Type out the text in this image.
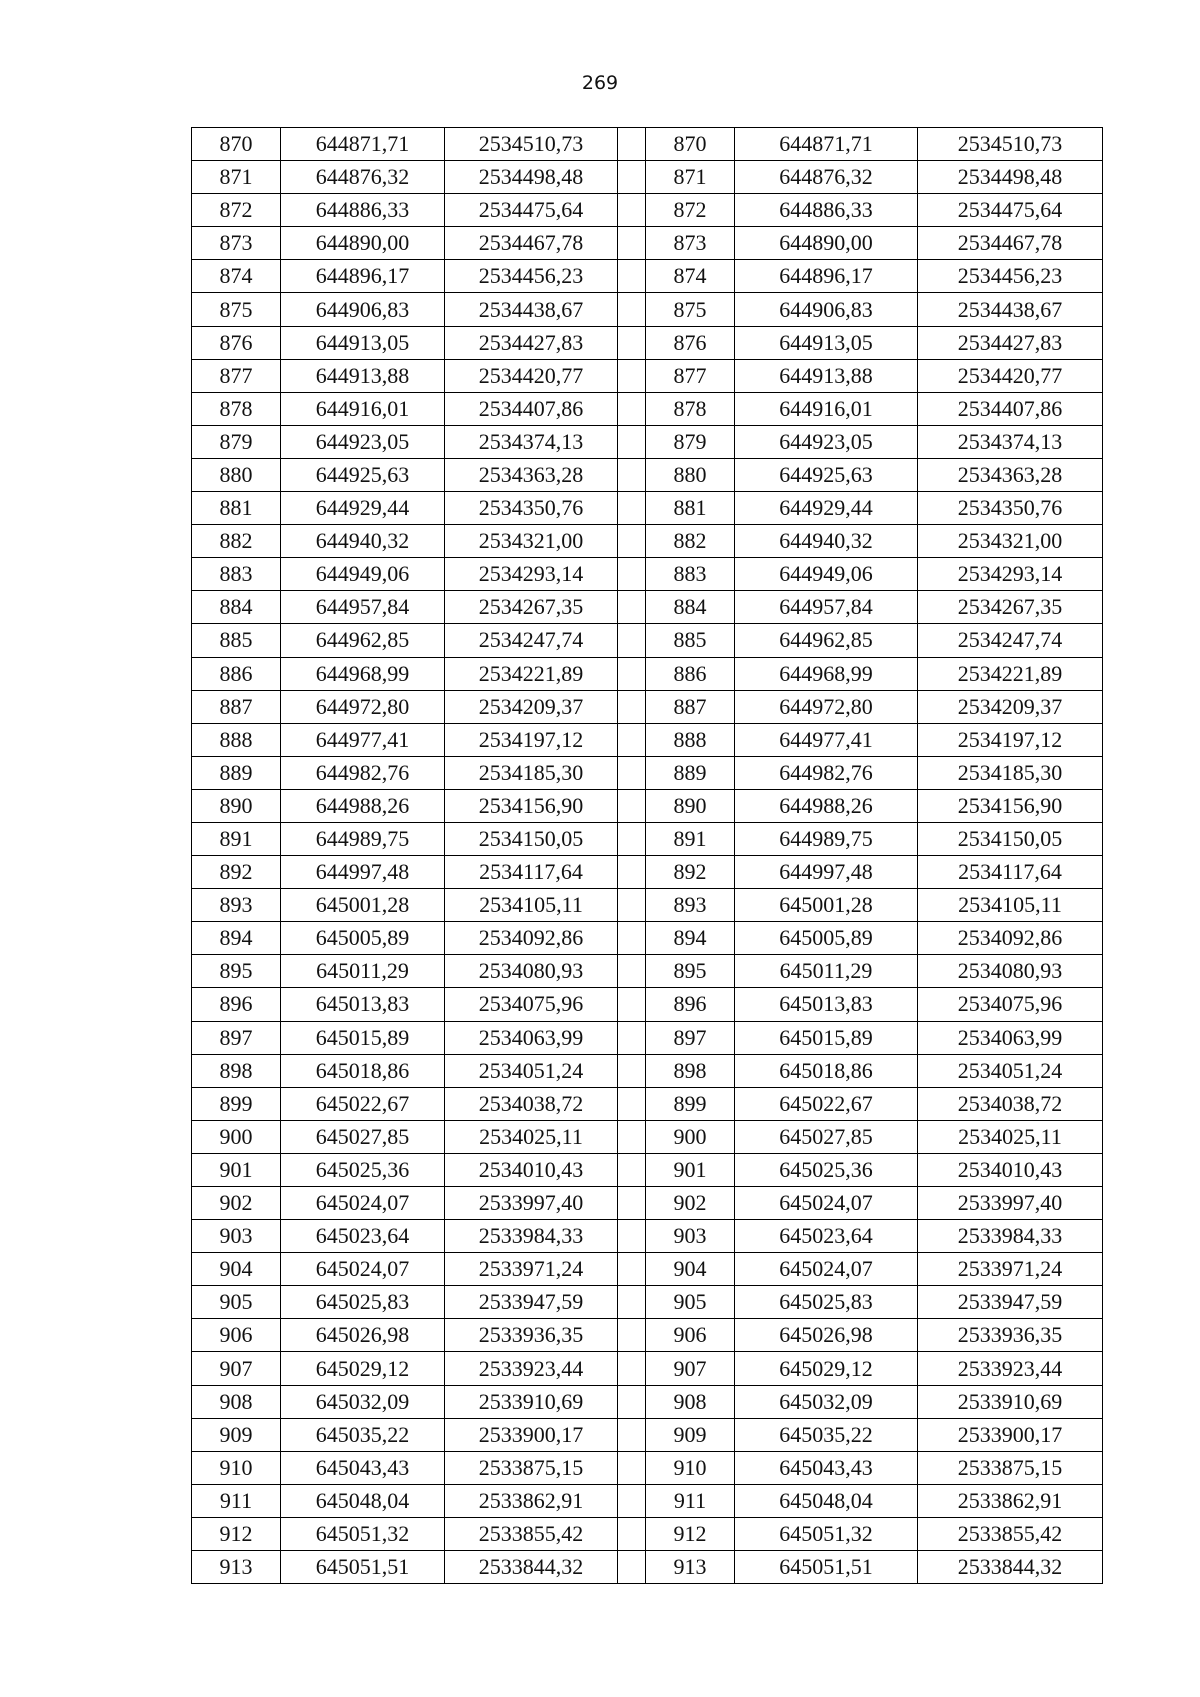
269
870	644871,71	2534510,73		870	644871,71	2534510,73
871	644876,32	2534498,48		871	644876,32	2534498,48
872	644886,33	2534475,64		872	644886,33	2534475,64
873	644890,00	2534467,78		873	644890,00	2534467,78
874	644896,17	2534456,23		874	644896,17	2534456,23
875	644906,83	2534438,67		875	644906,83	2534438,67
876	644913,05	2534427,83		876	644913,05	2534427,83
877	644913,88	2534420,77		877	644913,88	2534420,77
878	644916,01	2534407,86		878	644916,01	2534407,86
879	644923,05	2534374,13		879	644923,05	2534374,13
880	644925,63	2534363,28		880	644925,63	2534363,28
881	644929,44	2534350,76		881	644929,44	2534350,76
882	644940,32	2534321,00		882	644940,32	2534321,00
883	644949,06	2534293,14		883	644949,06	2534293,14
884	644957,84	2534267,35		884	644957,84	2534267,35
885	644962,85	2534247,74		885	644962,85	2534247,74
886	644968,99	2534221,89		886	644968,99	2534221,89
887	644972,80	2534209,37		887	644972,80	2534209,37
888	644977,41	2534197,12		888	644977,41	2534197,12
889	644982,76	2534185,30		889	644982,76	2534185,30
890	644988,26	2534156,90		890	644988,26	2534156,90
891	644989,75	2534150,05		891	644989,75	2534150,05
892	644997,48	2534117,64		892	644997,48	2534117,64
893	645001,28	2534105,11		893	645001,28	2534105,11
894	645005,89	2534092,86		894	645005,89	2534092,86
895	645011,29	2534080,93		895	645011,29	2534080,93
896	645013,83	2534075,96		896	645013,83	2534075,96
897	645015,89	2534063,99		897	645015,89	2534063,99
898	645018,86	2534051,24		898	645018,86	2534051,24
899	645022,67	2534038,72		899	645022,67	2534038,72
900	645027,85	2534025,11		900	645027,85	2534025,11
901	645025,36	2534010,43		901	645025,36	2534010,43
902	645024,07	2533997,40		902	645024,07	2533997,40
903	645023,64	2533984,33		903	645023,64	2533984,33
904	645024,07	2533971,24		904	645024,07	2533971,24
905	645025,83	2533947,59		905	645025,83	2533947,59
906	645026,98	2533936,35		906	645026,98	2533936,35
907	645029,12	2533923,44		907	645029,12	2533923,44
908	645032,09	2533910,69		908	645032,09	2533910,69
909	645035,22	2533900,17		909	645035,22	2533900,17
910	645043,43	2533875,15		910	645043,43	2533875,15
911	645048,04	2533862,91		911	645048,04	2533862,91
912	645051,32	2533855,42		912	645051,32	2533855,42
913	645051,51	2533844,32		913	645051,51	2533844,32
